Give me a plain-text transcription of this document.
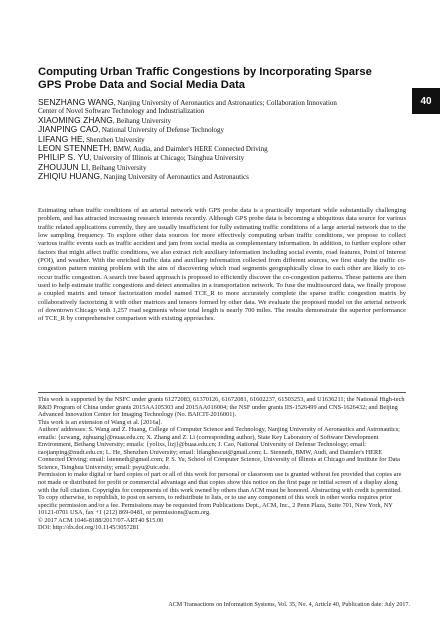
40
Computing Urban Traffic Congestions by Incorporating Sparse GPS Probe Data and Social Media Data
SENZHANG WANG, Nanjing University of Aeronautics and Astronautics; Collaboration Innovation
Center of Novel Software Technology and Industrialization
XIAOMING ZHANG, Beihang University
JIANPING CAO, National University of Defense Technology
LIFANG HE, Shenzhen University
LEON STENNETH, BMW, Audia, and Daimler's HERE Connected Driving
PHILIP S. YU, University of Illinois at Chicago; Tsinghua University
ZHOUJUN LI, Beihang University
ZHIQIU HUANG, Nanjing University of Aeronautics and Astronautics

Estimating urban traffic conditions of an arterial network with GPS probe data is a practically important while substantially challenging problem, and has attracted increasing research interests recently. Although GPS probe data is becoming a ubiquitous data source for various traffic related applications currently, they are usually insufficient for fully estimating traffic conditions of a large arterial network due to the low sampling frequency. To explore other data sources for more effectively computing urban traffic conditions, we propose to collect various traffic events such as traffic accident and jam from social media as complementary information. In addition, to further explore other factors that might affect traffic conditions, we also extract rich auxiliary information including social events, road features, Point of Interest (POI), and weather. With the enriched traffic data and auxiliary information collected from different sources, we first study the traffic co-congestion pattern mining problem with the aim of discovering which road segments geographically close to each other are likely to co-occur traffic congestion. A search tree based approach is proposed to efficiently discover the co-congestion patterns. These patterns are then used to help estimate traffic congestions and detect anomalies in a transportation network. To fuse the multisourced data, we finally propose a coupled matrix and tensor factorization model named TCE_R to more accurately complete the sparse traffic congestion matrix by collaboratively factorizing it with other matrices and tensors formed by other data. We evaluate the proposed model on the arterial network of downtown Chicago with 1,257 road segments whose total length is nearly 700 miles. The results demonstrate the superior performance of TCE_R by comprehensive comparison with existing approaches.

This work is supported by the NSFC under grants 61272083, 61370126, 61672081, 61602237, 61503253, and U1636211; the National High-tech R&D Program of China under grants 2015AA105303 and 2015AA016004; the NSF under grants IIS-1526499 and CNS-1626432; and Beijing Advanced Innovation Center for Imaging Technology (No. BAICIT-2016001).

This work is an extension of Wang et al. [2016a].

Authors' addresses: S. Wang and Z. Huang, College of Computer Science and Technology, Nanjing University of Aeronautics and Astronautics; emails: {szwang, zqhuang}@nuaa.edu.cn; X. Zhang and Z. Li (corresponding author), State Key Laboratory of Software Development Environment, Beihang University; emails: {yolixs, lizj}@buaa.edu.cn; J. Cao, National University of Defense Technology; email: caojianping@nudt.edu.cn; L. He, Shenzhen University; email: lifanghescut@gmail.com; L. Stenneth, BMW, Audi, and Daimler's HERE Connected Driving; email: lstenneth@gmail.com; P. S. Yu, School of Computer Science, University of Illinois at Chicago and Institute for Data Science, Tsinghua University; email: psyu@uic.edu.

Permission to make digital or hard copies of part or all of this work for personal or classroom use is granted without fee provided that copies are not made or distributed for profit or commercial advantage and that copies show this notice on the first page or initial screen of a display along with the full citation. Copyrights for components of this work owned by others than ACM must be honored. Abstracting with credit is permitted. To copy otherwise, to republish, to post on servers, to redistribute to lists, or to use any component of this work in other works requires prior specific permission and/or a fee. Permissions may be requested from Publications Dept., ACM, Inc., 2 Penn Plaza, Suite 701, New York, NY 10121-0701 USA, fax +1 (212) 869-0481, or permissions@acm.org.

© 2017 ACM 1046-8188/2017/07-ART40 $15.00

DOI: http://dx.doi.org/10.1145/3057281

ACM Transactions on Information Systems, Vol. 35, No. 4, Article 40, Publication date: July 2017.
